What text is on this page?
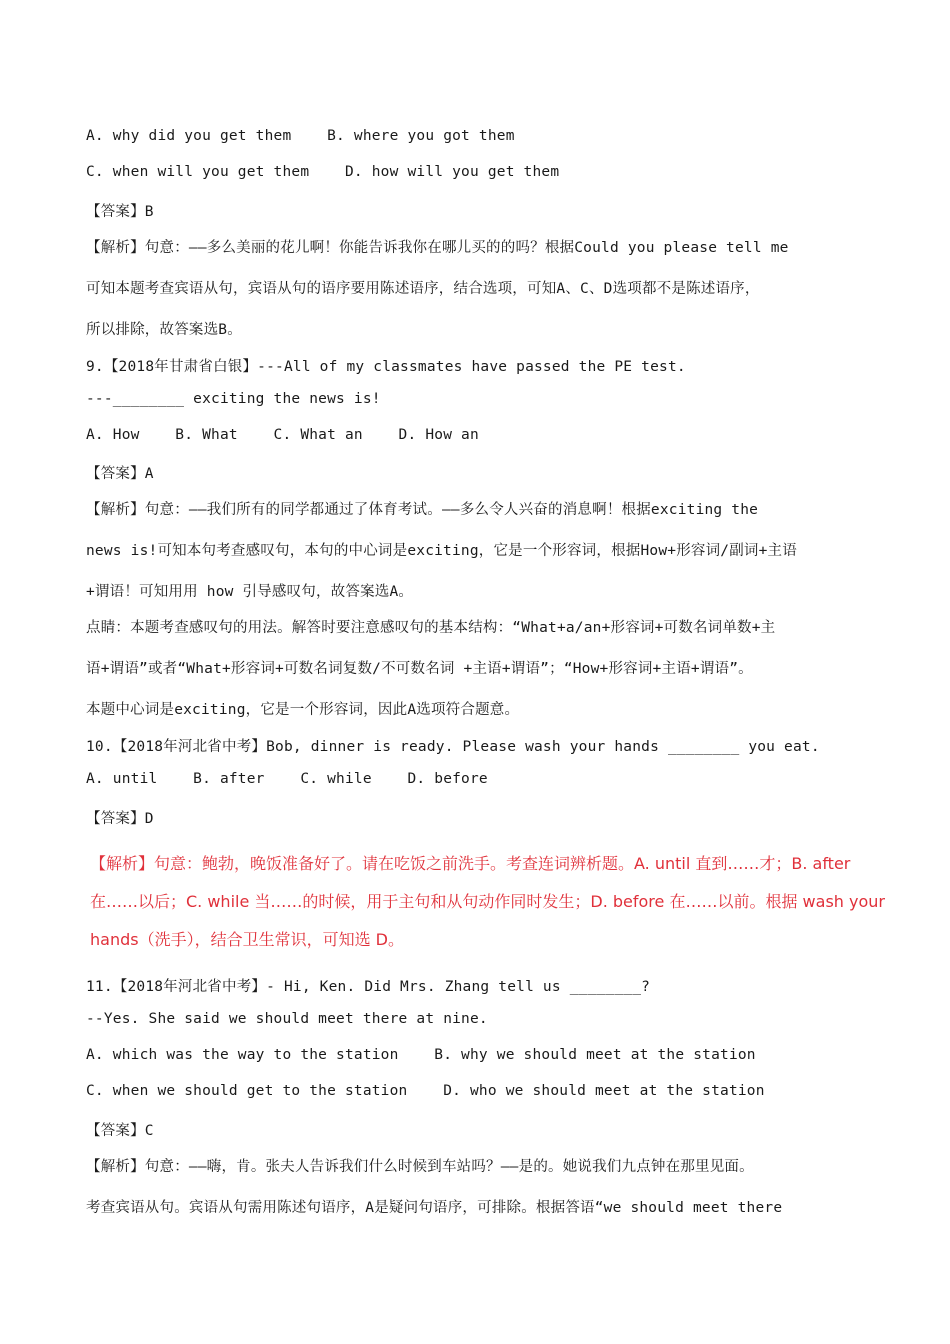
A. why did you get them    B. where you got them
C. when will you get them    D. how will you get them
【答案】B
【解析】句意：——多么美丽的花儿啊！你能告诉我你在哪儿买的的吗？根据Could you please tell me
可知本题考查宾语从句，宾语从句的语序要用陈述语序，结合选项，可知A、C、D选项都不是陈述语序，
所以排除，故答案选B。
9.【2018年甘肃省白银】---All of my classmates have passed the PE test.
---________ exciting the news is!
A. How    B. What    C. What an    D. How an
【答案】A
【解析】句意：——我们所有的同学都通过了体育考试。——多么令人兴奋的消息啊！根据exciting the
news is!可知本句考查感叹句，本句的中心词是exciting，它是一个形容词，根据How+形容词/副词+主语
+谓语！可知用用 how 引导感叹句，故答案选A。
点睛：本题考查感叹句的用法。解答时要注意感叹句的基本结构：“What+a/an+形容词+可数名词单数+主
语+谓语”或者“What+形容词+可数名词复数/不可数名词 +主语+谓语”；“How+形容词+主语+谓语”。
本题中心词是exciting，它是一个形容词，因此A选项符合题意。
10.【2018年河北省中考】Bob, dinner is ready. Please wash your hands ________ you eat.
A. until    B. after    C. while    D. before
【答案】D
【解析】句意：鲍勃，晚饭准备好了。请在吃饭之前洗手。考查连词辨析题。A. until 直到……才；B. after
在……以后；C. while 当……的时候，用于主句和从句动作同时发生；D. before 在……以前。根据 wash your
hands（洗手），结合卫生常识，可知选 D。
11.【2018年河北省中考】- Hi, Ken. Did Mrs. Zhang tell us ________?
--Yes. She said we should meet there at nine.
A. which was the way to the station    B. why we should meet at the station
C. when we should get to the station    D. who we should meet at the station
【答案】C
【解析】句意：——嗨，肯。张夫人告诉我们什么时候到车站吗？——是的。她说我们九点钟在那里见面。
考查宾语从句。宾语从句需用陈述句语序，A是疑问句语序，可排除。根据答语“we should meet there
